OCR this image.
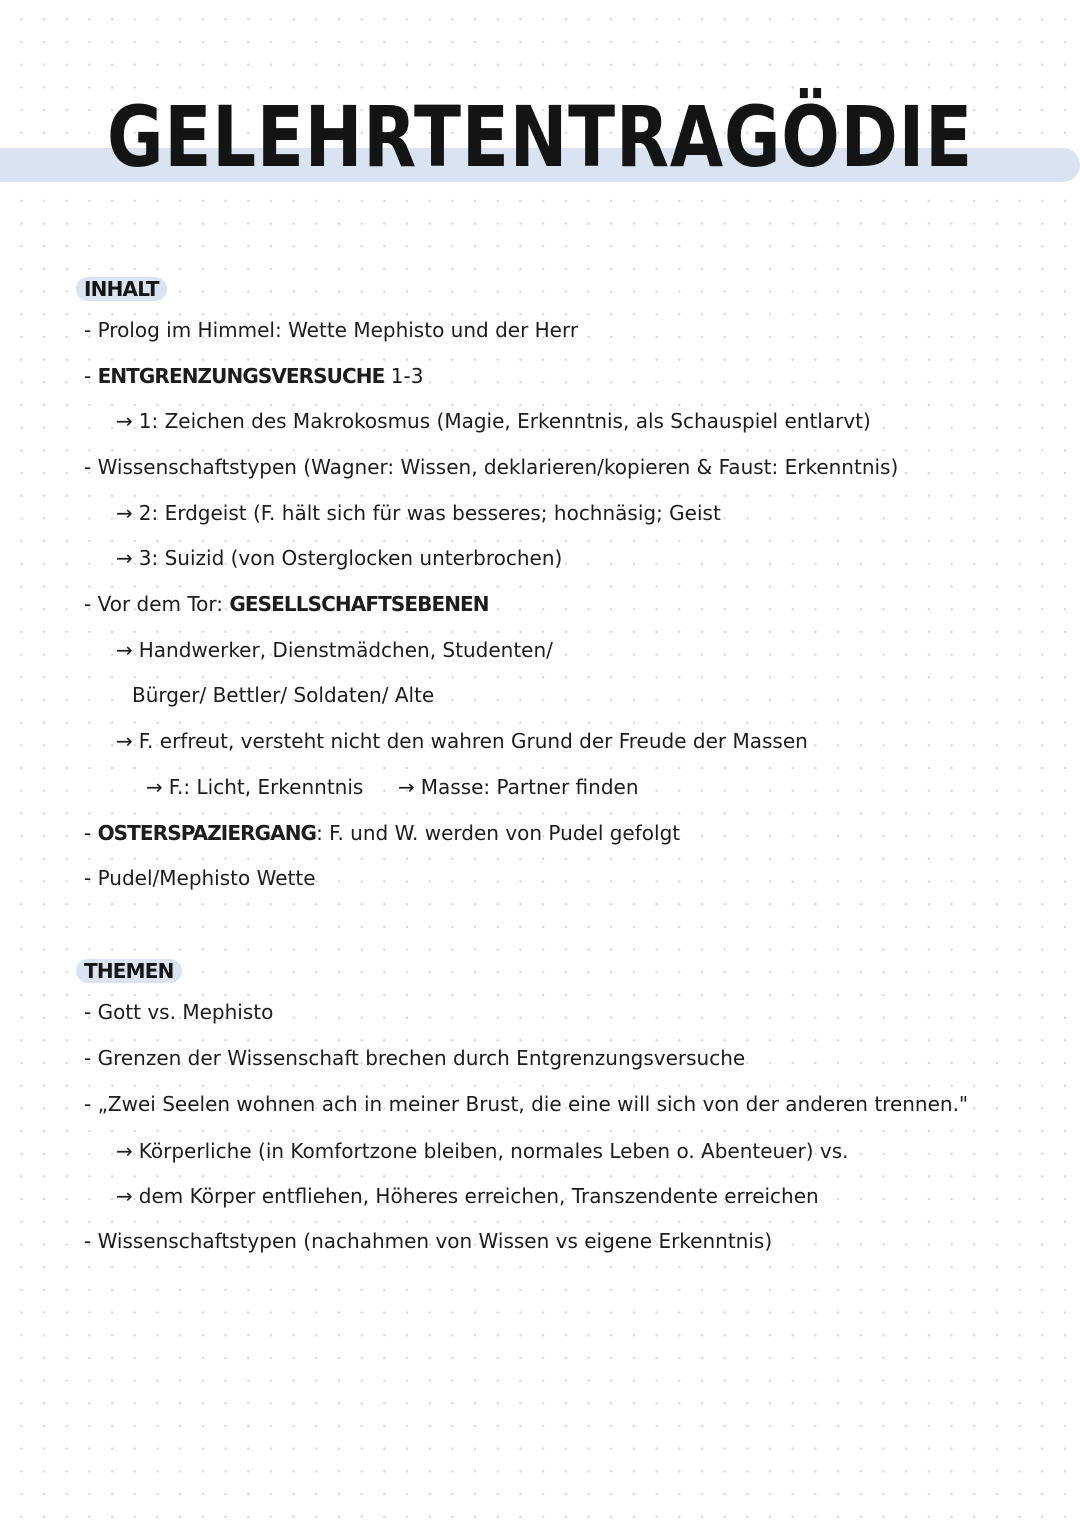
GELEHRTENTRAGÖDIE
INHALT
- Prolog im Himmel: Wette Mephisto und der Herr
- ENTGRENZUNGSVERSUCHE 1-3
→ 1: Zeichen des Makrokosmus (Magie, Erkenntnis, als Schauspiel entlarvt)
- Wissenschaftstypen (Wagner: Wissen, deklarieren/kopieren & Faust: Erkenntnis)
→ 2: Erdgeist (F. hält sich für was besseres; hochnäsig; Geist
→ 3: Suizid (von Osterglocken unterbrochen)
- Vor dem Tor: GESELLSCHAFTSEBENEN
→ Handwerker, Dienstmädchen, Studenten/
Bürger/ Bettler/ Soldaten/ Alte
→ F. erfreut, versteht nicht den wahren Grund der Freude der Massen
→ F.: Licht, Erkenntnis → Masse: Partner finden
- OSTERSPAZIERGANG: F. und W. werden von Pudel gefolgt
- Pudel/Mephisto Wette
THEMEN
- Gott vs. Mephisto
- Grenzen der Wissenschaft brechen durch Entgrenzungsversuche
- „Zwei Seelen wohnen ach in meiner Brust, die eine will sich von der anderen trennen."
→ Körperliche (in Komfortzone bleiben, normales Leben o. Abenteuer) vs.
→ dem Körper entfliehen, Höheres erreichen, Transzendente erreichen
- Wissenschaftstypen (nachahmen von Wissen vs eigene Erkenntnis)
